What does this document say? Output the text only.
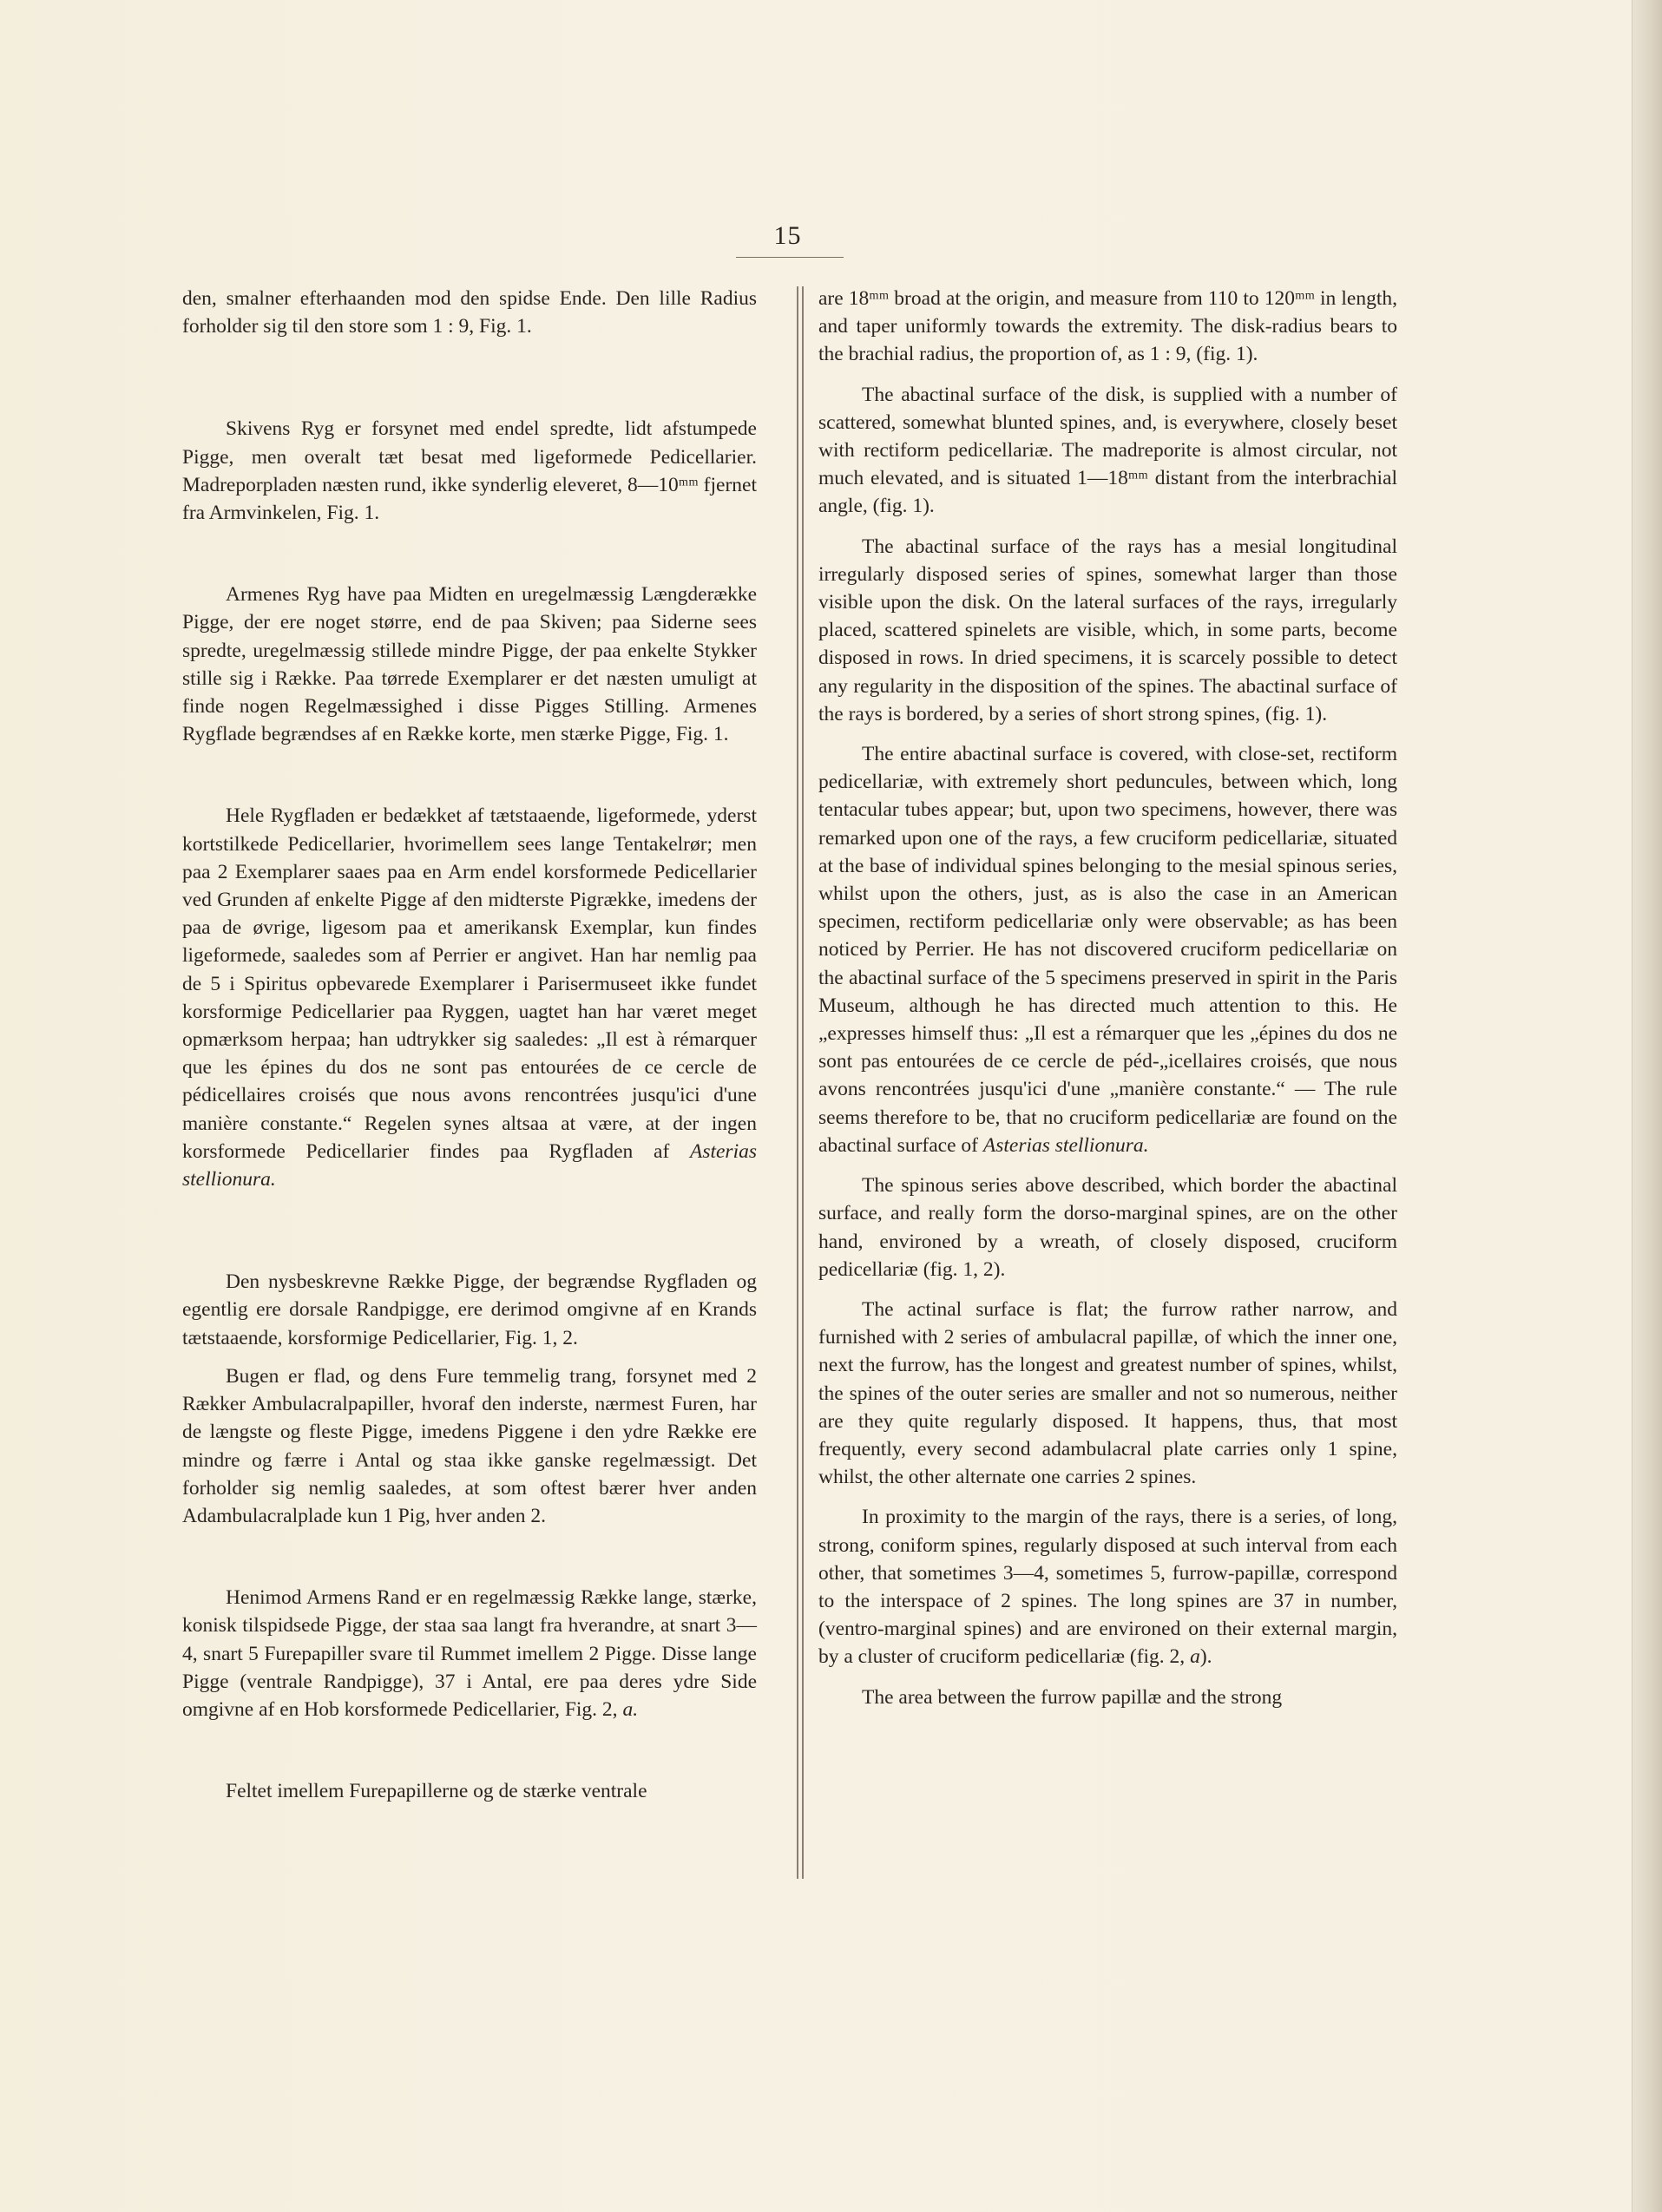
15

den, smalner efterhaanden mod den spidse Ende. Den lille Radius forholder sig til den store som 1 : 9, Fig. 1.

Skivens Ryg er forsynet med endel spredte, lidt afstumpede Pigge, men overalt tæt besat med ligeformede Pedicellarier. Madreporpladen næsten rund, ikke synderlig eleveret, 8—10ᵐᵐ fjernet fra Armvinkelen, Fig. 1.

Armenes Ryg have paa Midten en uregelmæssig Længderække Pigge, der ere noget større, end de paa Skiven; paa Siderne sees spredte, uregelmæssig stillede mindre Pigge, der paa enkelte Stykker stille sig i Række. Paa tørrede Exemplarer er det næsten umuligt at finde nogen Regelmæssighed i disse Pigges Stilling. Armenes Rygflade begrændses af en Række korte, men stærke Pigge, Fig. 1.

Hele Rygfladen er bedækket af tætstaaende, ligeformede, yderst kortstilkede Pedicellarier, hvorimellem sees lange Tentakelrør; men paa 2 Exemplarer saaes paa en Arm endel korsformede Pedicellarier ved Grunden af enkelte Pigge af den midterste Pigrække, imedens der paa de øvrige, ligesom paa et amerikansk Exemplar, kun findes ligeformede, saaledes som af Perrier er angivet. Han har nemlig paa de 5 i Spiritus opbevarede Exemplarer i Parisermuseet ikke fundet korsformige Pedicellarier paa Ryggen, uagtet han har været meget opmærksom herpaa; han udtrykker sig saaledes: „Il est à rémarquer que les épines du dos ne sont pas entourées de ce cercle de pédicellaires croisés que nous avons rencontrées jusqu'ici d'une manière constante.“ Regelen synes altsaa at være, at der ingen korsformede Pedicellarier findes paa Rygfladen af Asterias stellionura.

Den nysbeskrevne Række Pigge, der begrændse Rygfladen og egentlig ere dorsale Randpigge, ere derimod omgivne af en Krands tætstaaende, korsformige Pedicellarier, Fig. 1, 2.

Bugen er flad, og dens Fure temmelig trang, forsynet med 2 Rækker Ambulacralpapiller, hvoraf den inderste, nærmest Furen, har de længste og fleste Pigge, imedens Piggene i den ydre Række ere mindre og færre i Antal og staa ikke ganske regelmæssigt. Det forholder sig nemlig saaledes, at som oftest bærer hver anden Adambulacralplade kun 1 Pig, hver anden 2.

Henimod Armens Rand er en regelmæssig Række lange, stærke, konisk tilspidsede Pigge, der staa saa langt fra hverandre, at snart 3—4, snart 5 Furepapiller svare til Rummet imellem 2 Pigge. Disse lange Pigge (ventrale Randpigge), 37 i Antal, ere paa deres ydre Side omgivne af en Hob korsformede Pedicellarier, Fig. 2, a.

Feltet imellem Furepapillerne og de stærke ventrale

are 18ᵐᵐ broad at the origin, and measure from 110 to 120ᵐᵐ in length, and taper uniformly towards the extremity. The disk-radius bears to the brachial radius, the proportion of, as 1 : 9, (fig. 1).

The abactinal surface of the disk, is supplied with a number of scattered, somewhat blunted spines, and, is everywhere, closely beset with rectiform pedicellariæ. The madreporite is almost circular, not much elevated, and is situated 1—18ᵐᵐ distant from the interbrachial angle, (fig. 1).

The abactinal surface of the rays has a mesial longitudinal irregularly disposed series of spines, somewhat larger than those visible upon the disk. On the lateral surfaces of the rays, irregularly placed, scattered spinelets are visible, which, in some parts, become disposed in rows. In dried specimens, it is scarcely possible to detect any regularity in the disposition of the spines. The abactinal surface of the rays is bordered, by a series of short strong spines, (fig. 1).

The entire abactinal surface is covered, with close-set, rectiform pedicellariæ, with extremely short peduncules, between which, long tentacular tubes appear; but, upon two specimens, however, there was remarked upon one of the rays, a few cruciform pedicellariæ, situated at the base of individual spines belonging to the mesial spinous series, whilst upon the others, just, as is also the case in an American specimen, rectiform pedicellariæ only were observable; as has been noticed by Perrier. He has not discovered cruciform pedicellariæ on the abactinal surface of the 5 specimens preserved in spirit in the Paris Museum, although he has directed much attention to this. He „expresses himself thus: „Il est a rémarquer que les „épines du dos ne sont pas entourées de ce cercle de péd-„icellaires croisés, que nous avons rencontrées jusqu'ici d'une „manière constante.“ — The rule seems therefore to be, that no cruciform pedicellariæ are found on the abactinal surface of Asterias stellionura.

The spinous series above described, which border the abactinal surface, and really form the dorso-marginal spines, are on the other hand, environed by a wreath, of closely disposed, cruciform pedicellariæ (fig. 1, 2).

The actinal surface is flat; the furrow rather narrow, and furnished with 2 series of ambulacral papillæ, of which the inner one, next the furrow, has the longest and greatest number of spines, whilst, the spines of the outer series are smaller and not so numerous, neither are they quite regularly disposed. It happens, thus, that most frequently, every second adambulacral plate carries only 1 spine, whilst, the other alternate one carries 2 spines.

In proximity to the margin of the rays, there is a series, of long, strong, coniform spines, regularly disposed at such interval from each other, that sometimes 3—4, sometimes 5, furrow-papillæ, correspond to the interspace of 2 spines. The long spines are 37 in number, (ventro-marginal spines) and are environed on their external margin, by a cluster of cruciform pedicellariæ (fig. 2, a).

The area between the furrow papillæ and the strong
